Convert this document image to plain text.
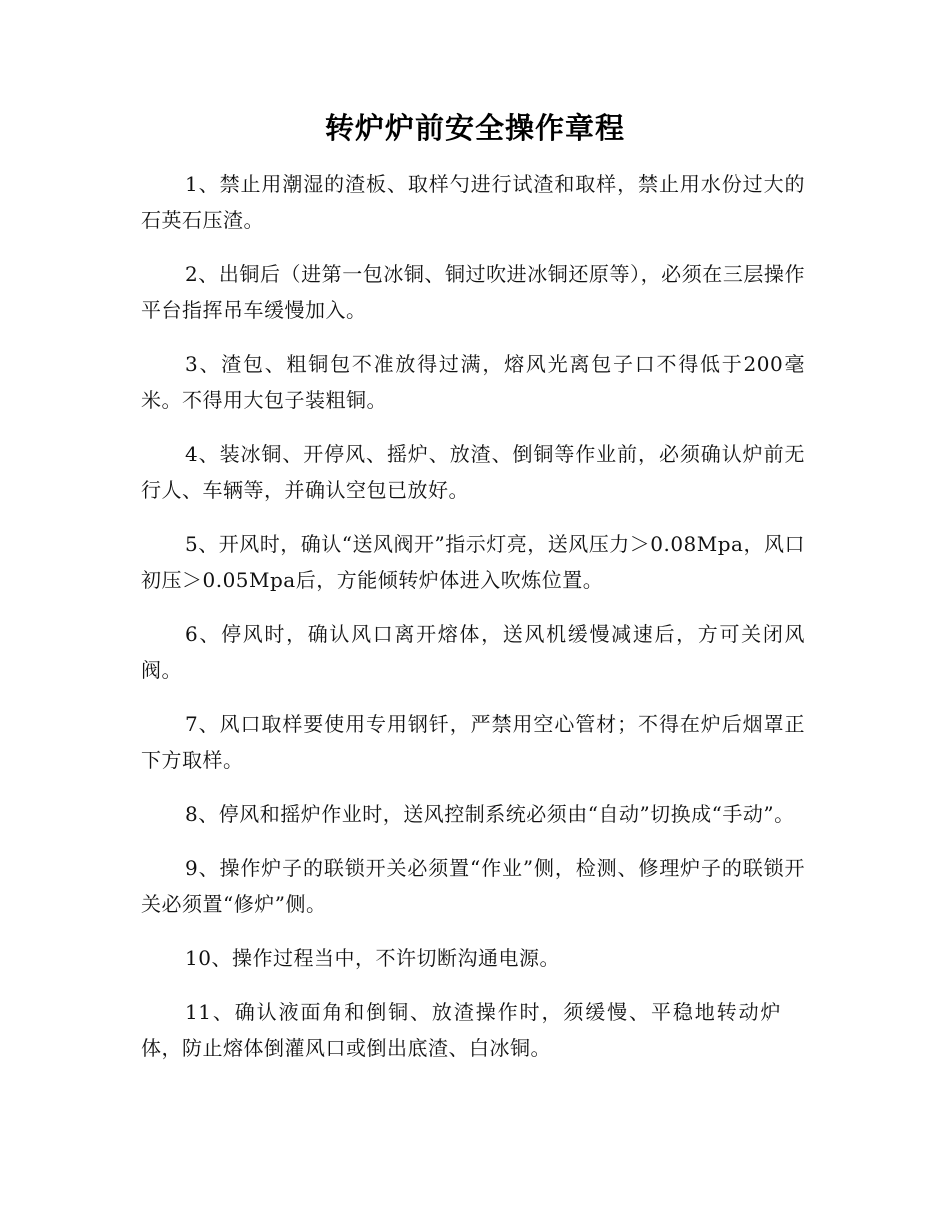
转炉炉前安全操作章程

1、禁止用潮湿的渣板、取样勺进行试渣和取样，禁止用水份过大的石英石压渣。

2、出铜后（进第一包冰铜、铜过吹进冰铜还原等），必须在三层操作平台指挥吊车缓慢加入。

3、渣包、粗铜包不准放得过满，熔风光离包子口不得低于200毫米。不得用大包子装粗铜。

4、装冰铜、开停风、摇炉、放渣、倒铜等作业前，必须确认炉前无行人、车辆等，并确认空包已放好。

5、开风时，确认“送风阀开”指示灯亮，送风压力＞0.08Mpa，风口初压＞0.05Mpa后，方能倾转炉体进入吹炼位置。

6、停风时，确认风口离开熔体，送风机缓慢减速后，方可关闭风阀。

7、风口取样要使用专用钢钎，严禁用空心管材；不得在炉后烟罩正下方取样。

8、停风和摇炉作业时，送风控制系统必须由“自动”切换成“手动”。

9、操作炉子的联锁开关必须置“作业”侧，检测、修理炉子的联锁开关必须置“修炉”侧。

10、操作过程当中，不许切断沟通电源。

11、确认液面角和倒铜、放渣操作时，须缓慢、平稳地转动炉体，防止熔体倒灌风口或倒出底渣、白冰铜。
